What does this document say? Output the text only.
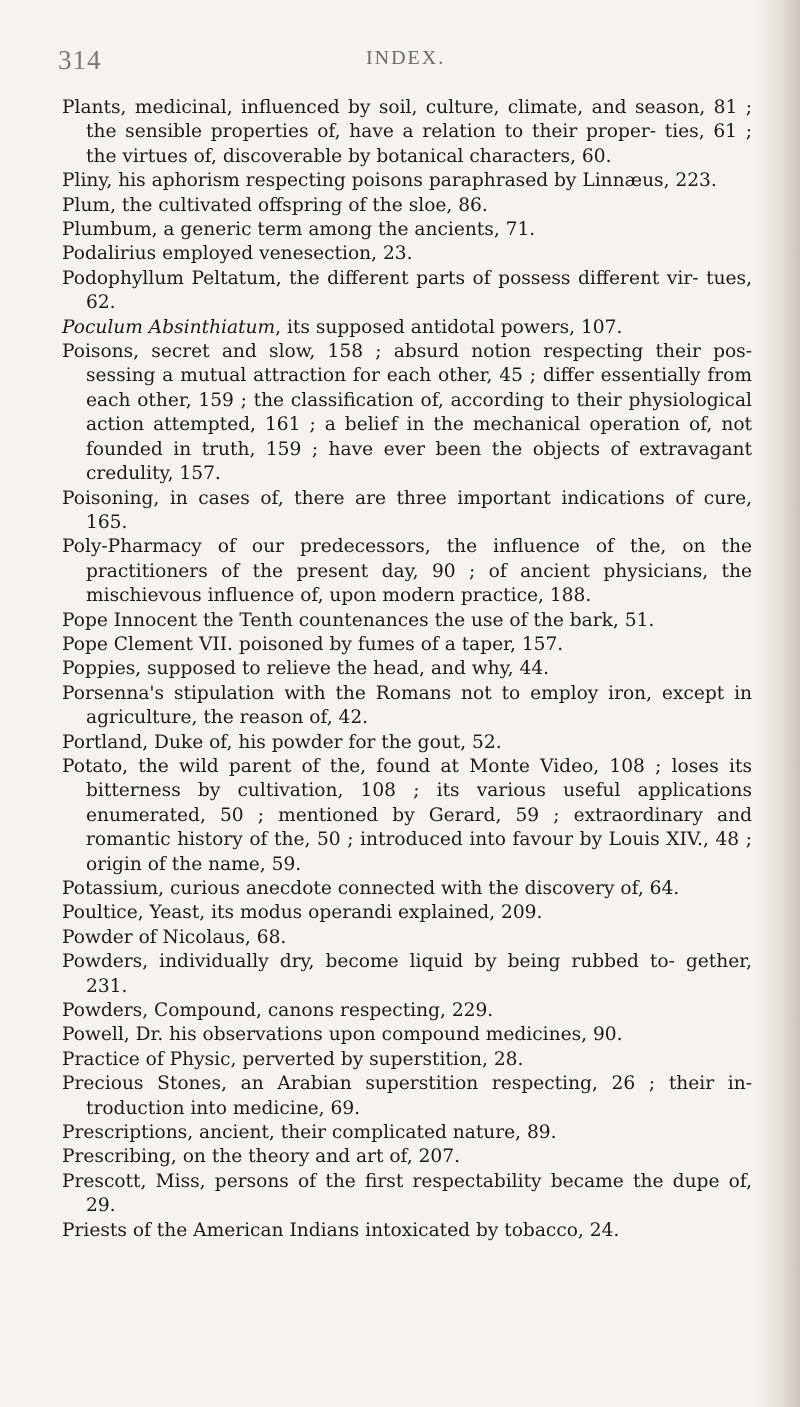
314	INDEX.
Plants, medicinal, influenced by soil, culture, climate, and season, 81 ; the sensible properties of, have a relation to their proper- ties, 61 ; the virtues of, discoverable by botanical characters, 60.
Pliny, his aphorism respecting poisons paraphrased by Linnæus, 223.
Plum, the cultivated offspring of the sloe, 86.
Plumbum, a generic term among the ancients, 71.
Podalirius employed venesection, 23.
Podophyllum Peltatum, the different parts of possess different vir- tues, 62.
Poculum Absinthiatum, its supposed antidotal powers, 107.
Poisons, secret and slow, 158 ; absurd notion respecting their pos- sessing a mutual attraction for each other, 45 ; differ essentially from each other, 159 ; the classification of, according to their physiological action attempted, 161 ; a belief in the mechanical operation of, not founded in truth, 159 ; have ever been the objects of extravagant credulity, 157.
Poisoning, in cases of, there are three important indications of cure, 165.
Poly-Pharmacy of our predecessors, the influence of the, on the practitioners of the present day, 90 ; of ancient physicians, the mischievous influence of, upon modern practice, 188.
Pope Innocent the Tenth countenances the use of the bark, 51.
Pope Clement VII. poisoned by fumes of a taper, 157.
Poppies, supposed to relieve the head, and why, 44.
Porsenna's stipulation with the Romans not to employ iron, except in agriculture, the reason of, 42.
Portland, Duke of, his powder for the gout, 52.
Potato, the wild parent of the, found at Monte Video, 108 ; loses its bitterness by cultivation, 108 ; its various useful applications enumerated, 50 ; mentioned by Gerard, 59 ; extraordinary and romantic history of the, 50 ; introduced into favour by Louis XIV., 48 ; origin of the name, 59.
Potassium, curious anecdote connected with the discovery of, 64.
Poultice, Yeast, its modus operandi explained, 209.
Powder of Nicolaus, 68.
Powders, individually dry, become liquid by being rubbed to- gether, 231.
Powders, Compound, canons respecting, 229.
Powell, Dr. his observations upon compound medicines, 90.
Practice of Physic, perverted by superstition, 28.
Precious Stones, an Arabian superstition respecting, 26 ; their in- troduction into medicine, 69.
Prescriptions, ancient, their complicated nature, 89.
Prescribing, on the theory and art of, 207.
Prescott, Miss, persons of the first respectability became the dupe of, 29.
Priests of the American Indians intoxicated by tobacco, 24.
